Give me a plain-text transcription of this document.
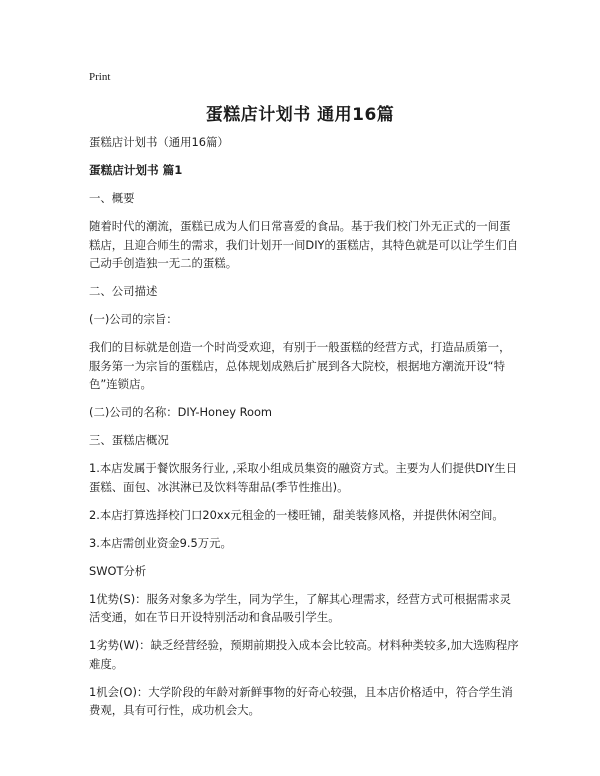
Print
蛋糕店计划书 通用16篇

蛋糕店计划书（通用16篇）

蛋糕店计划书 篇1

一、概要

随着时代的潮流，蛋糕已成为人们日常喜爱的食品。基于我们校门外无正式的一间蛋糕店，且迎合师生的需求，我们计划开一间DIY的蛋糕店，其特色就是可以让学生们自己动手创造独一无二的蛋糕。

二、公司描述

(一)公司的宗旨：

我们的目标就是创造一个时尚受欢迎，有别于一般蛋糕的经营方式，打造品质第一，服务第一为宗旨的蛋糕店，总体规划成熟后扩展到各大院校，根据地方潮流开设“特色”连锁店。

(二)公司的名称：DIY-Honey Room

三、蛋糕店概况

1.本店发属于餐饮服务行业, ,采取小组成员集资的融资方式。主要为人们提供DIY生日蛋糕、面包、冰淇淋已及饮料等甜品(季节性推出)。

2.本店打算选择校门口20xx元租金的一楼旺铺，甜美装修风格，并提供休闲空间。

3.本店需创业资金9.5万元。

SWOT分析

1优势(S)：服务对象多为学生，同为学生，了解其心理需求，经营方式可根据需求灵活变通，如在节日开设特别活动和食品吸引学生。

1劣势(W)：缺乏经营经验，预期前期投入成本会比较高。材料种类较多,加大选购程序难度。

1机会(O)：大学阶段的年龄对新鲜事物的好奇心较强，且本店价格适中，符合学生消费观，具有可行性，成功机会大。
